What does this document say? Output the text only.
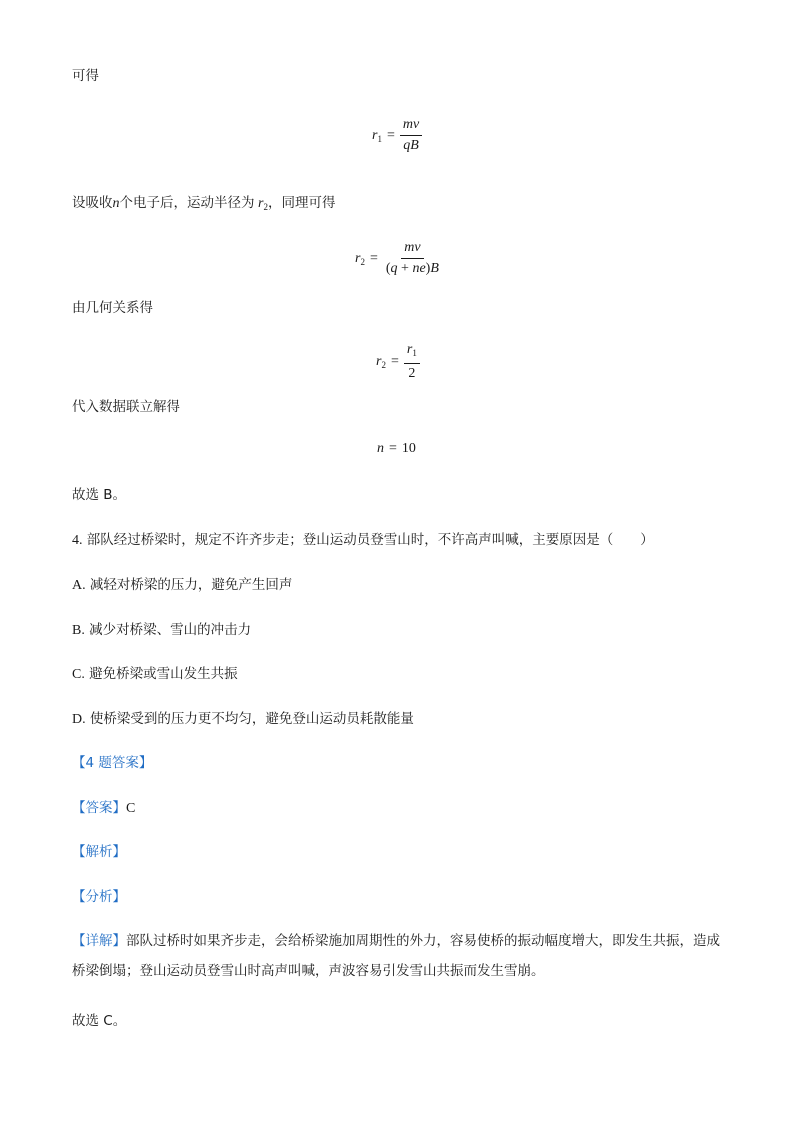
可得
$r_1 = \frac{mv}{qB}$
设吸收n个电子后，运动半径为 $r_2$，同理可得
$r_2 = \frac{mv}{(q + ne)B}$
由几何关系得
$r_2 = \frac{r_1}{2}$
代入数据联立解得
n = 10
故选 B。
4. 部队经过桥梁时，规定不许齐步走；登山运动员登雪山时，不许高声叫喊，主要原因是（　　）
A. 减轻对桥梁的压力，避免产生回声
B. 减少对桥梁、雪山的冲击力
C. 避免桥梁或雪山发生共振
D. 使桥梁受到的压力更不均匀，避免登山运动员耗散能量
【4 题答案】
【答案】C
【解析】
【分析】
【详解】部队过桥时如果齐步走，会给桥梁施加周期性的外力，容易使桥的振动幅度增大，即发生共振，造成桥梁倒塌；登山运动员登雪山时高声叫喊，声波容易引发雪山共振而发生雪崩。
故选 C。
